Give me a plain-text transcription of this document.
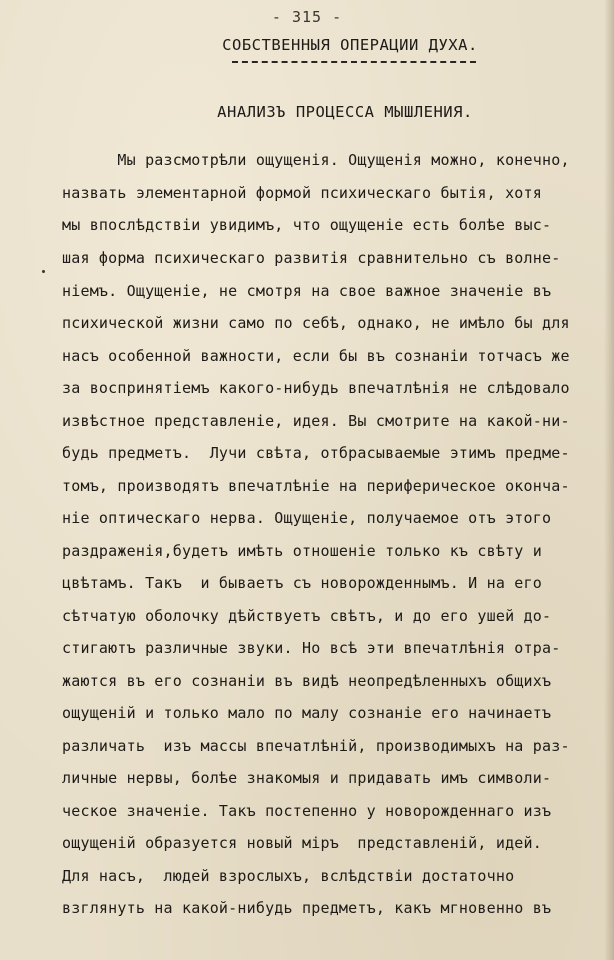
- 315 -
СОБСТВЕННЫЯ ОПЕРАЦИИ ДУХА.
АНАЛИЗЪ ПРОЦЕССА МЫШЛЕНИЯ.
Мы разсмотрѣли ощущенія. Ощущенія можно, конечно,
назвать элементарной формой психическаго бытія, хотя
мы впослѣдствіи увидимъ, что ощущеніе есть болѣе выс-
шая форма психическаго развитія сравнительно съ волне-
ніемъ. Ощущеніе, не смотря на свое важное значеніе въ
психической жизни само по себѣ, однако, не имѣло бы для
насъ особенной важности, если бы въ сознаніи тотчасъ же
за воспринятіемъ какого-нибудь впечатлѣнія не слѣдовало
извѣстное представленіе, идея. Вы смотрите на какой-ни-
будь предметъ.  Лучи свѣта, отбрасываемые этимъ предме-
томъ, производятъ впечатлѣніе на периферическое оконча-
ніе оптическаго нерва. Ощущеніе, получаемое отъ этого
раздраженія,будетъ имѣть отношеніе только къ свѣту и
цвѣтамъ. Такъ  и бываетъ съ новорожденнымъ. И на его
сѣтчатую оболочку дѣйствуетъ свѣтъ, и до его ушей до-
стигаютъ различные звуки. Но всѣ эти впечатлѣнія отра-
жаются въ его сознаніи въ видѣ неопредѣленныхъ общихъ
ощущеній и только мало по малу сознаніе его начинаетъ
различать  изъ массы впечатлѣній, производимыхъ на раз-
личные нервы, болѣе знакомыя и придавать имъ символи-
ческое значеніе. Такъ постепенно у новорожденнаго изъ
ощущеній образуется новый міръ  представленій, идей.
Для насъ,  людей взрослыхъ, вслѣдствіи достаточно
взглянуть на какой-нибудь предметъ, какъ мгновенно въ
